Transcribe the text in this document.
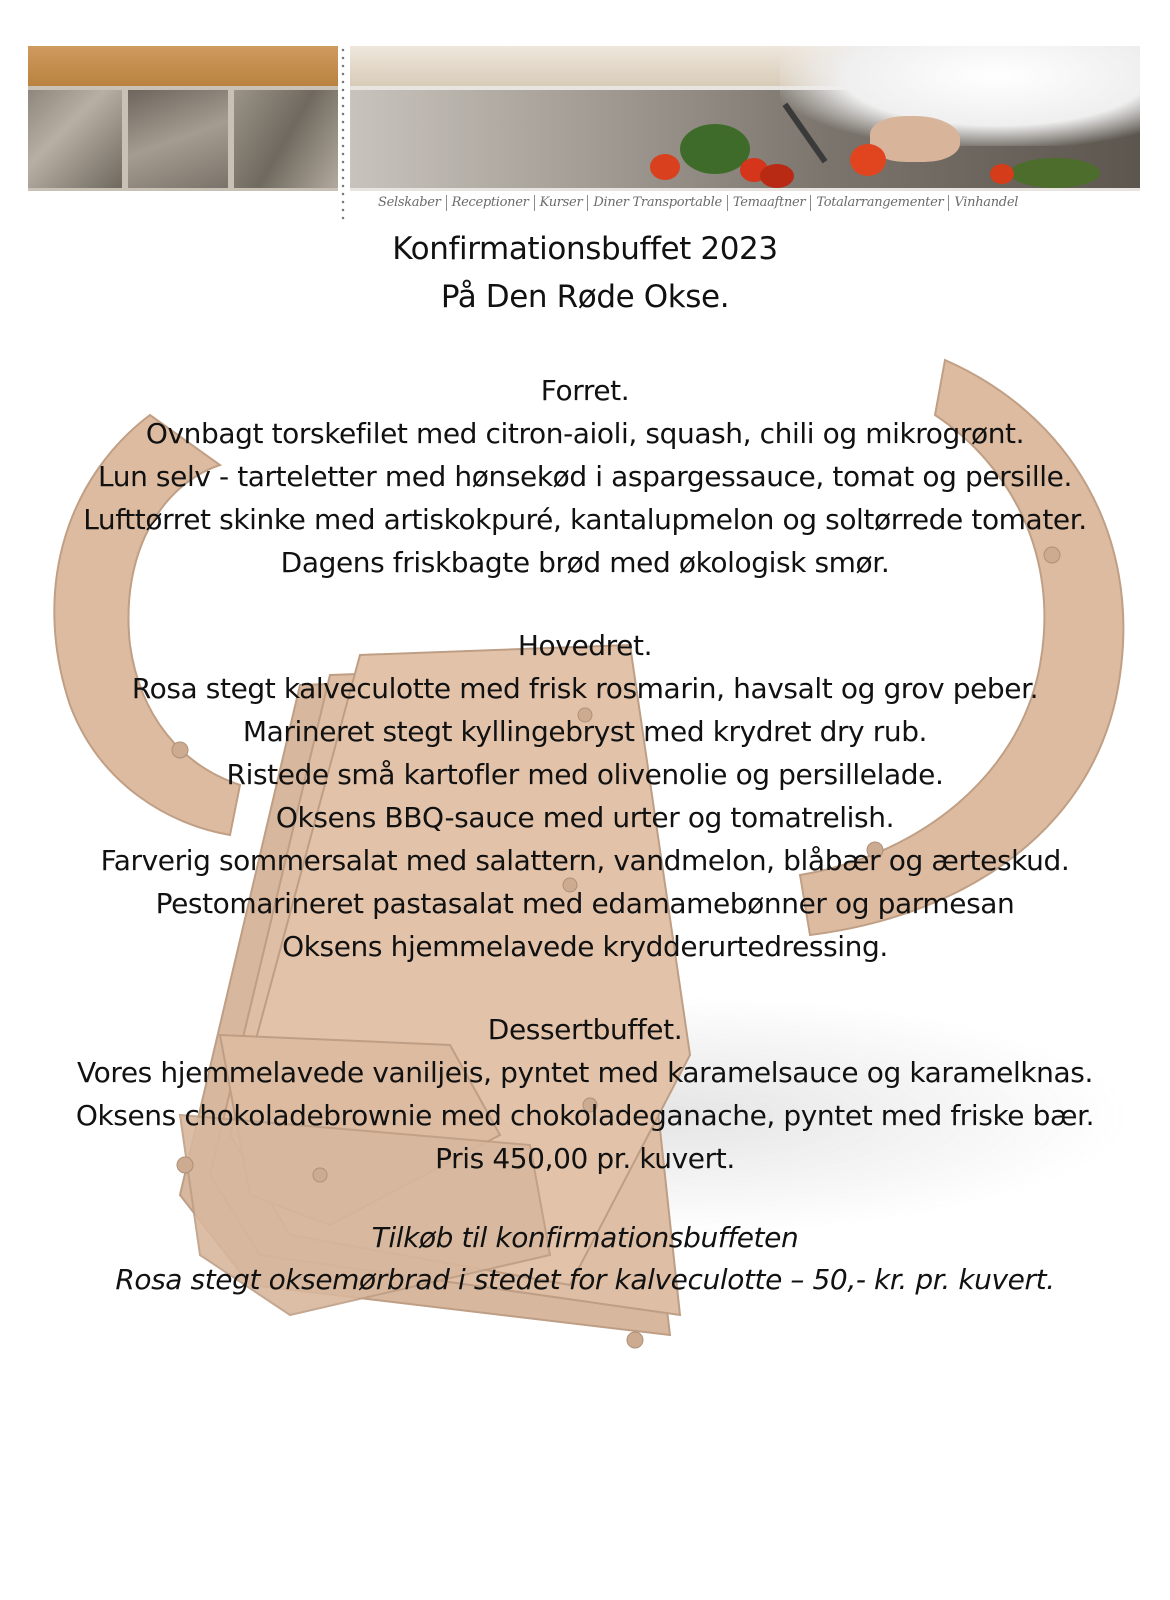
Selskaber Receptioner Kurser Diner Transportable Temaaftner Totalarrangementer Vinhandel
Konfirmationsbuffet 2023
På Den Røde Okse.
Forret.
Ovnbagt torskefilet med citron-aioli, squash, chili og mikrogrønt.
Lun selv - tarteletter med hønsekød i aspargessauce, tomat og persille.
Lufttørret skinke med artiskokpuré, kantalupmelon og soltørrede tomater.
Dagens friskbagte brød med økologisk smør.
Hovedret.
Rosa stegt kalveculotte med frisk rosmarin, havsalt og grov peber.
Marineret stegt kyllingebryst med krydret dry rub.
Ristede små kartofler med olivenolie og persillelade.
Oksens BBQ-sauce med urter og tomatrelish.
Farverig sommersalat med salattern, vandmelon, blåbær og ærteskud.
Pestomarineret pastasalat med edamamebønner og parmesan
Oksens hjemmelavede krydderurtedressing.
Dessertbuffet.
Vores hjemmelavede vaniljeis, pyntet med karamelsauce og karamelknas.
Oksens chokoladebrownie med chokoladeganache, pyntet med friske bær.
Pris 450,00 pr. kuvert.
Tilkøb til konfirmationsbuffeten
Rosa stegt oksemørbrad i stedet for kalveculotte – 50,- kr. pr. kuvert.
